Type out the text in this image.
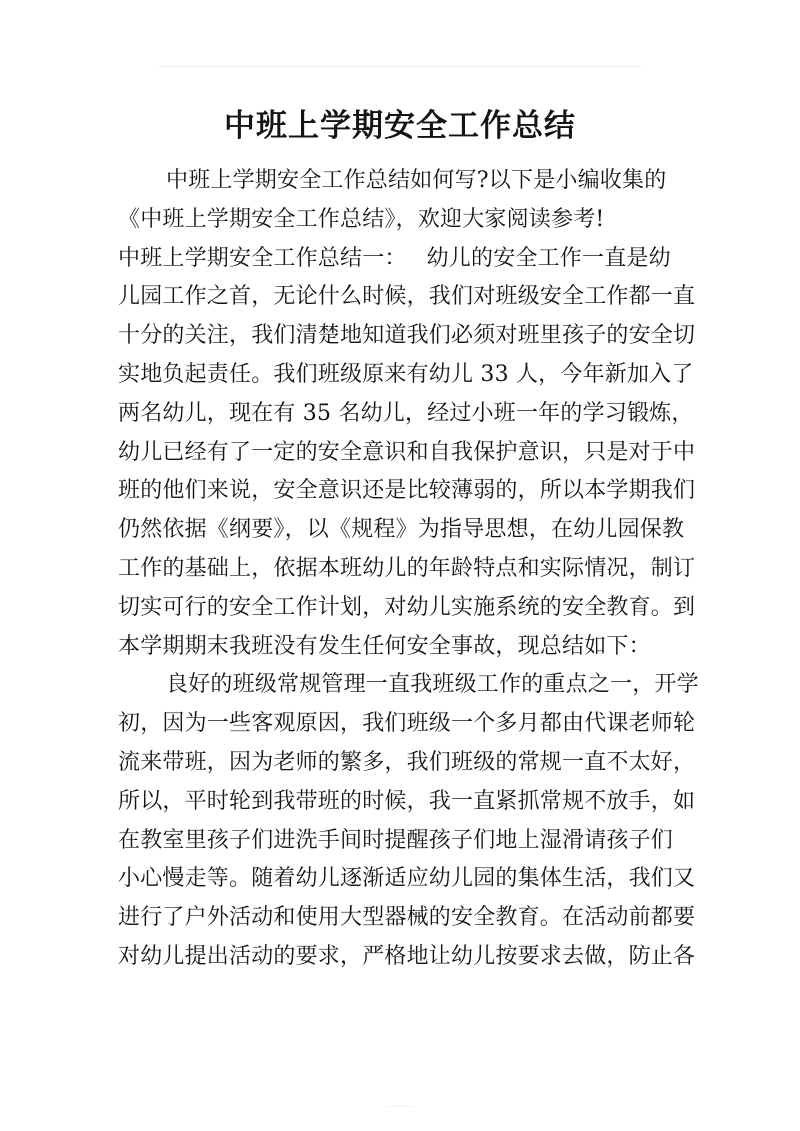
中班上学期安全工作总结
中班上学期安全工作总结如何写?以下是小编收集的
《中班上学期安全工作总结》，欢迎大家阅读参考!
中班上学期安全工作总结一： 幼儿的安全工作一直是幼
儿园工作之首，无论什么时候，我们对班级安全工作都一直
十分的关注，我们清楚地知道我们必须对班里孩子的安全切
实地负起责任。我们班级原来有幼儿 33 人，今年新加入了
两名幼儿，现在有 35 名幼儿，经过小班一年的学习锻炼，
幼儿已经有了一定的安全意识和自我保护意识，只是对于中
班的他们来说，安全意识还是比较薄弱的，所以本学期我们
仍然依据《纲要》，以《规程》为指导思想，在幼儿园保教
工作的基础上，依据本班幼儿的年龄特点和实际情况，制订
切实可行的安全工作计划，对幼儿实施系统的安全教育。到
本学期期末我班没有发生任何安全事故，现总结如下：
良好的班级常规管理一直我班级工作的重点之一，开学
初，因为一些客观原因，我们班级一个多月都由代课老师轮
流来带班，因为老师的繁多，我们班级的常规一直不太好，
所以，平时轮到我带班的时候，我一直紧抓常规不放手，如
在教室里孩子们进洗手间时提醒孩子们地上湿滑请孩子们
小心慢走等。随着幼儿逐渐适应幼儿园的集体生活，我们又
进行了户外活动和使用大型器械的安全教育。在活动前都要
对幼儿提出活动的要求，严格地让幼儿按要求去做，防止各
